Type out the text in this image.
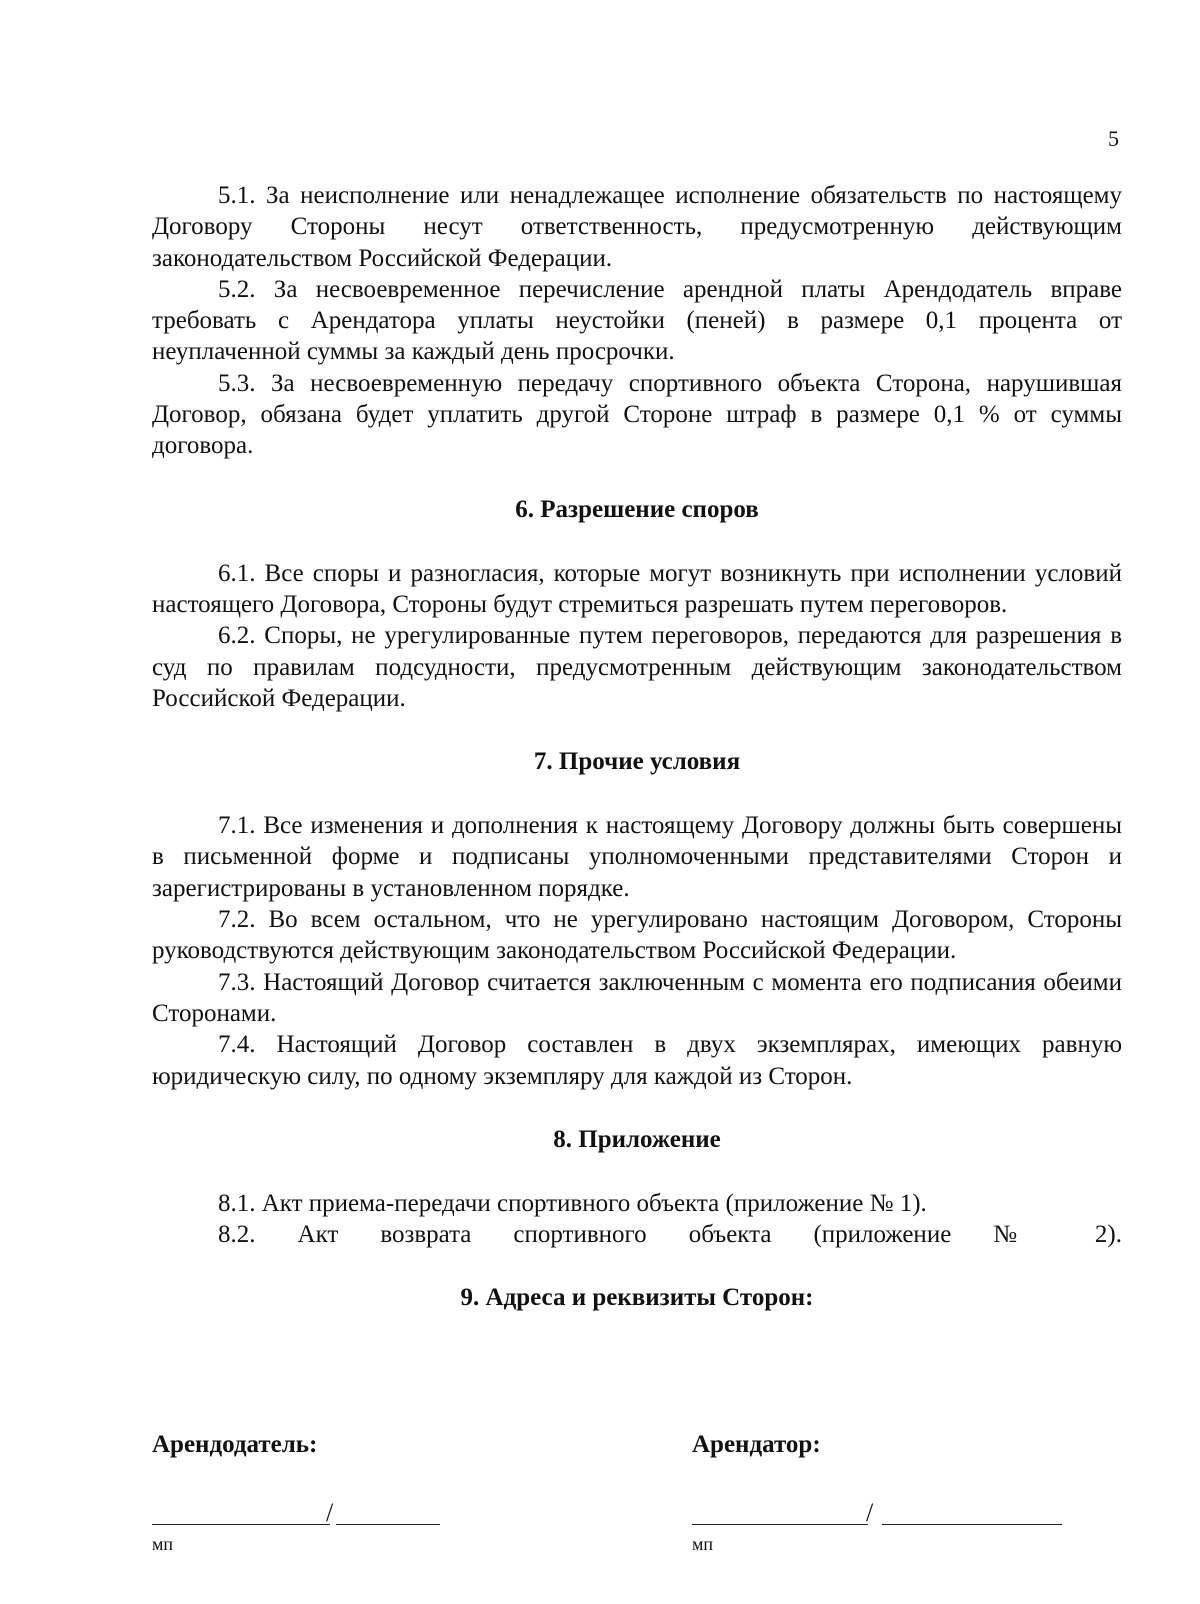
5

5.1. За неисполнение или ненадлежащее исполнение обязательств по настоящему Договору Стороны несут ответственность, предусмотренную действующим законодательством Российской Федерации.

5.2. За несвоевременное перечисление арендной платы Арендодатель вправе требовать с Арендатора уплаты неустойки (пеней) в размере 0,1 процента от неуплаченной суммы за каждый день просрочки.

5.3. За несвоевременную передачу спортивного объекта Сторона, нарушившая Договор, обязана будет уплатить другой Стороне штраф в размере 0,1 % от суммы договора.

6. Разрешение споров

6.1. Все споры и разногласия, которые могут возникнуть при исполнении условий настоящего Договора, Стороны будут стремиться разрешать путем переговоров.

6.2. Споры, не урегулированные путем переговоров, передаются для разрешения в суд по правилам подсудности, предусмотренным действующим законодательством Российской Федерации.

7. Прочие условия

7.1. Все изменения и дополнения к настоящему Договору должны быть совершены в письменной форме и подписаны уполномоченными представителями Сторон и зарегистрированы в установленном порядке.

7.2. Во всем остальном, что не урегулировано настоящим Договором, Стороны руководствуются действующим законодательством Российской Федерации.

7.3. Настоящий Договор считается заключенным с момента его подписания обеими Сторонами.

7.4. Настоящий Договор составлен в двух экземплярах, имеющих равную юридическую силу, по одному экземпляру для каждой из Сторон.

8. Приложение

8.1. Акт приема-передачи спортивного объекта (приложение № 1).

8.2. Акт возврата спортивного объекта (приложение № 2).

9. Адреса и реквизиты Сторон:

Арендодатель:

/
мп

Арендатор:

/
мп
